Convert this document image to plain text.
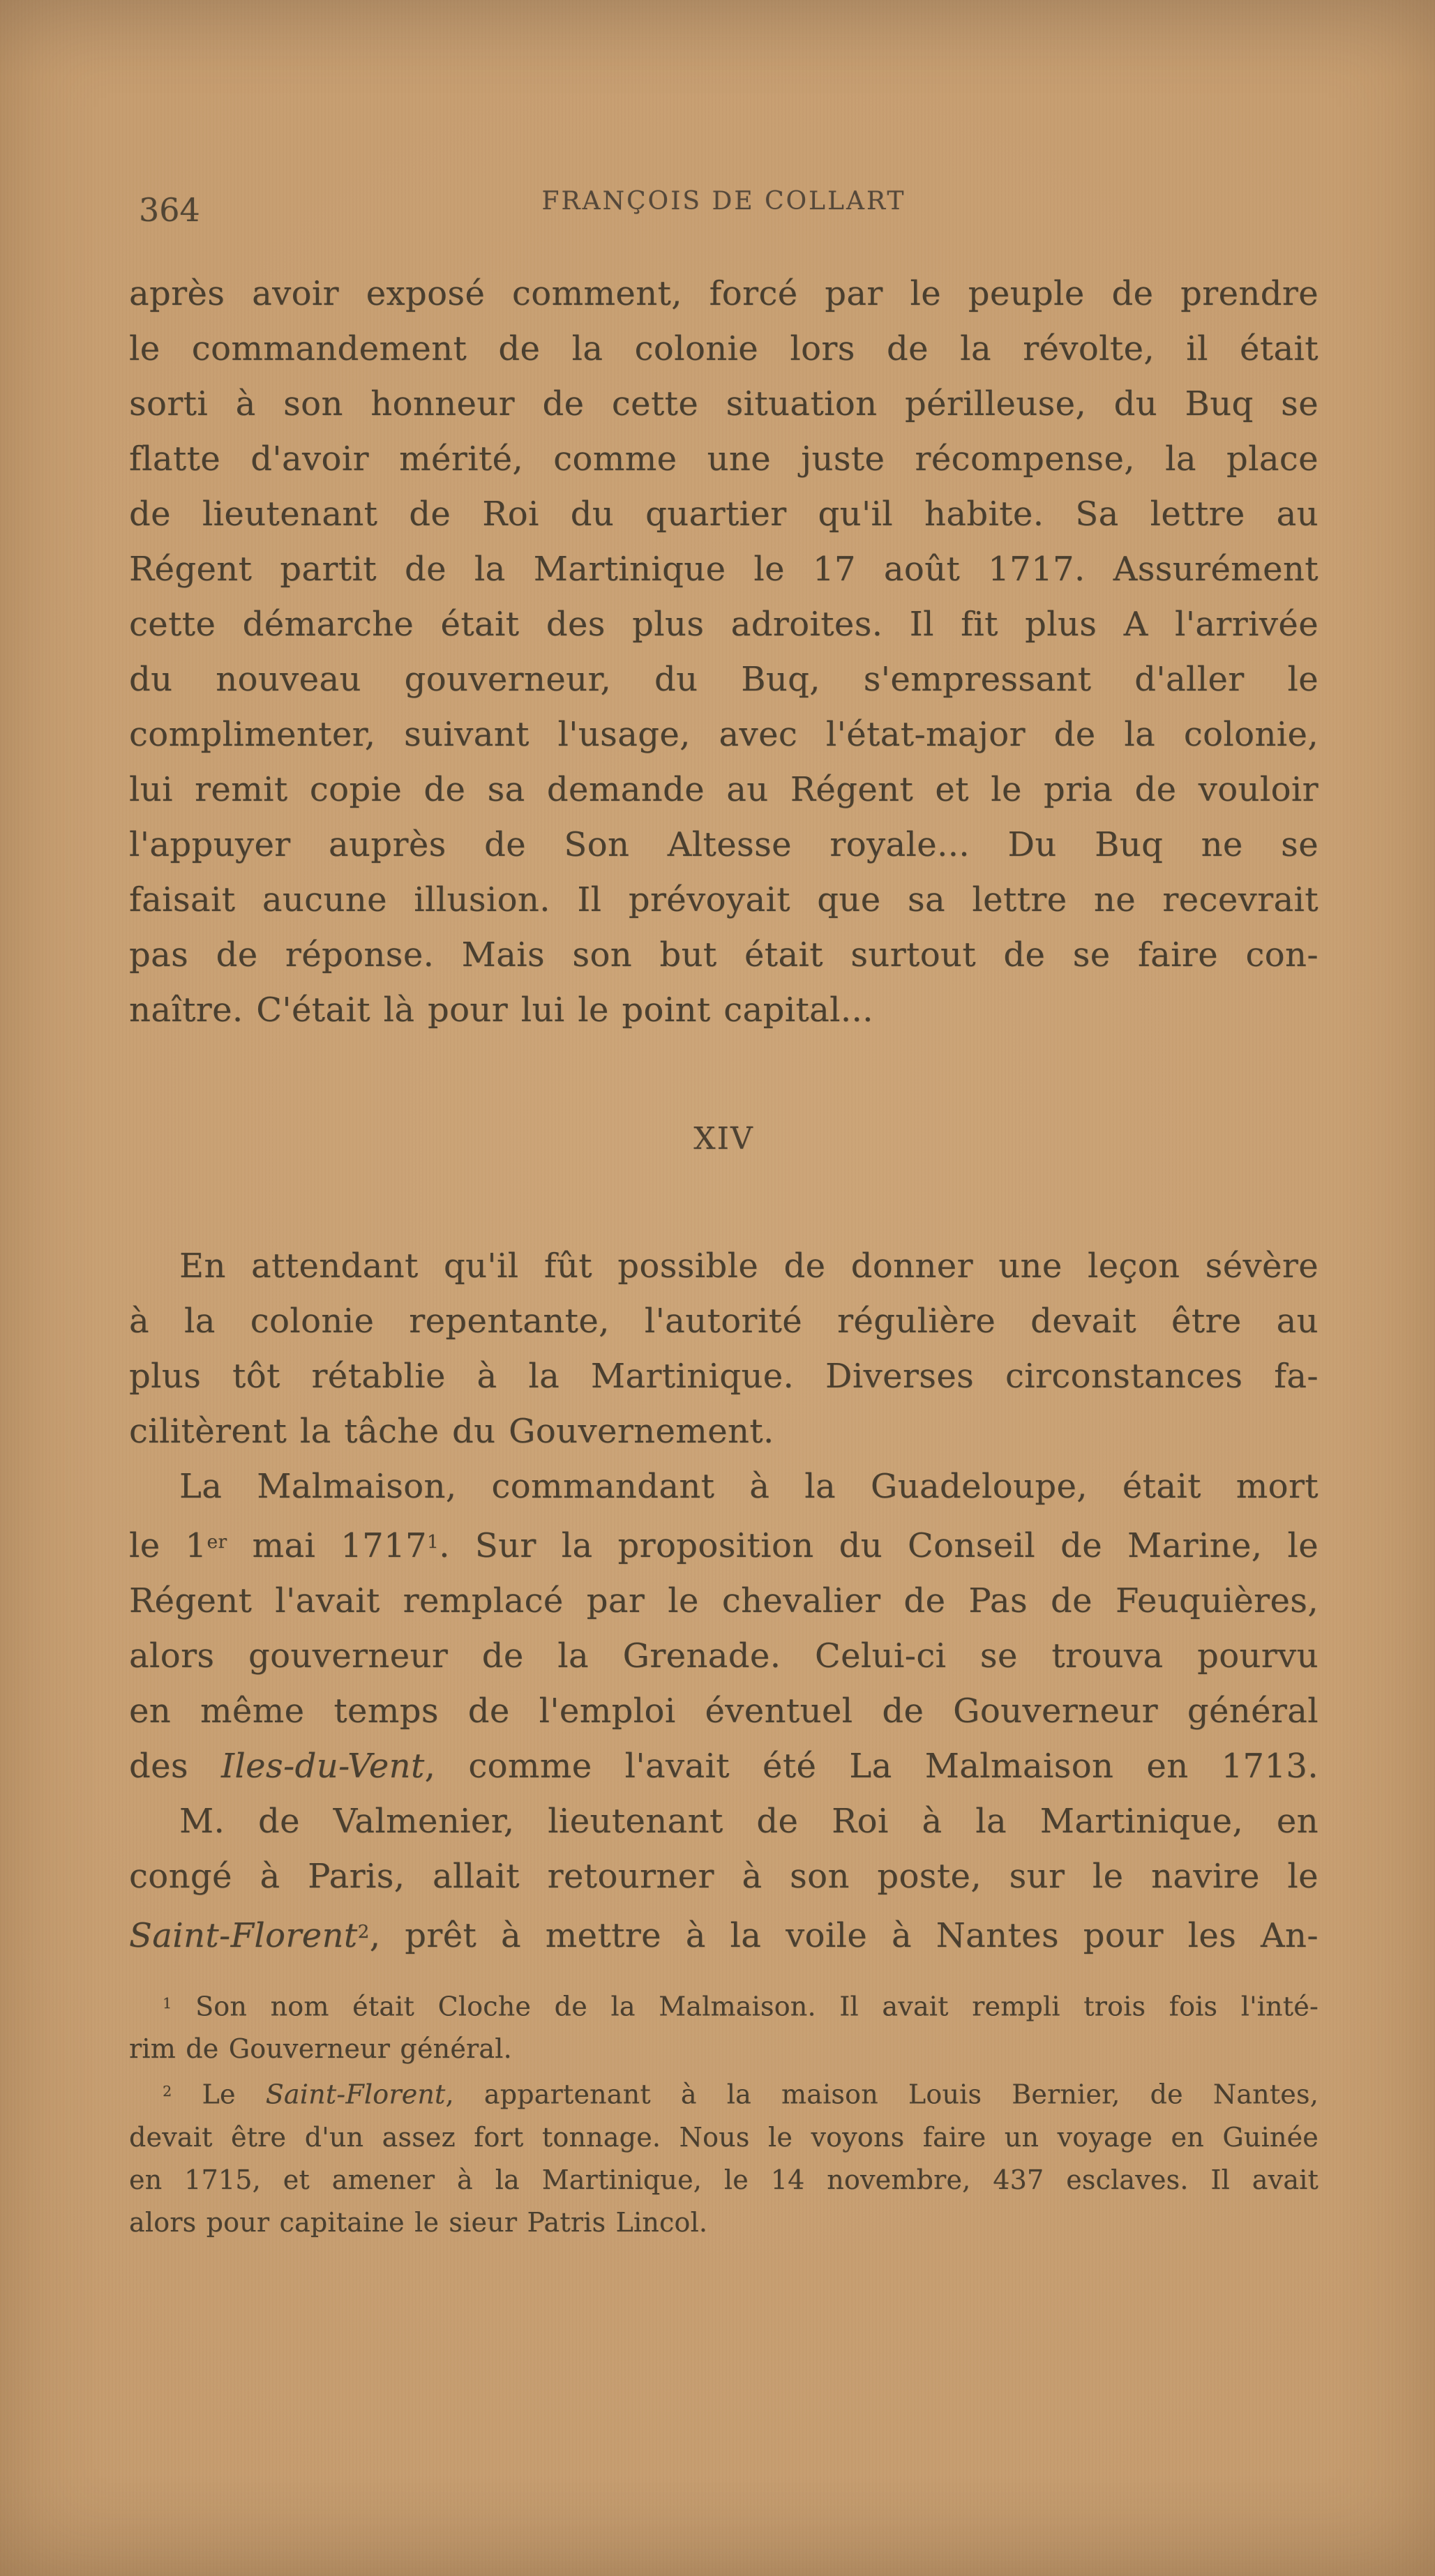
364	FRANÇOIS DE COLLART
après avoir exposé comment, forcé par le peuple de prendre
le commandement de la colonie lors de la révolte, il était
sorti à son honneur de cette situation périlleuse, du Buq se
flatte d'avoir mérité, comme une juste récompense, la place
de lieutenant de Roi du quartier qu'il habite. Sa lettre au
Régent partit de la Martinique le 17 août 1717. Assurément
cette démarche était des plus adroites. Il fit plus A l'arrivée
du nouveau gouverneur, du Buq, s'empressant d'aller le
complimenter, suivant l'usage, avec l'état-major de la colonie,
lui remit copie de sa demande au Régent et le pria de vouloir
l'appuyer auprès de Son Altesse royale... Du Buq ne se
faisait aucune illusion. Il prévoyait que sa lettre ne recevrait
pas de réponse. Mais son but était surtout de se faire con-
naître. C'était là pour lui le point capital...
XIV
En attendant qu'il fût possible de donner une leçon sévère
à la colonie repentante, l'autorité régulière devait être au
plus tôt rétablie à la Martinique. Diverses circonstances fa-
cilitèrent la tâche du Gouvernement.
La Malmaison, commandant à la Guadeloupe, était mort
le 1er mai 1717$^1$. Sur la proposition du Conseil de Marine, le
Régent l'avait remplacé par le chevalier de Pas de Feuquières,
alors gouverneur de la Grenade. Celui-ci se trouva pourvu
en même temps de l'emploi éventuel de Gouverneur général
des Iles-du-Vent, comme l'avait été La Malmaison en 1713.
M. de Valmenier, lieutenant de Roi à la Martinique, en
congé à Paris, allait retourner à son poste, sur le navire le
Saint-Florent$^2$, prêt à mettre à la voile à Nantes pour les An-
$^1$ Son nom était Cloche de la Malmaison. Il avait rempli trois fois l'inté-
rim de Gouverneur général.
$^2$ Le Saint-Florent, appartenant à la maison Louis Bernier, de Nantes,
devait être d'un assez fort tonnage. Nous le voyons faire un voyage en Guinée
en 1715, et amener à la Martinique, le 14 novembre, 437 esclaves. Il avait
alors pour capitaine le sieur Patris Lincol.
